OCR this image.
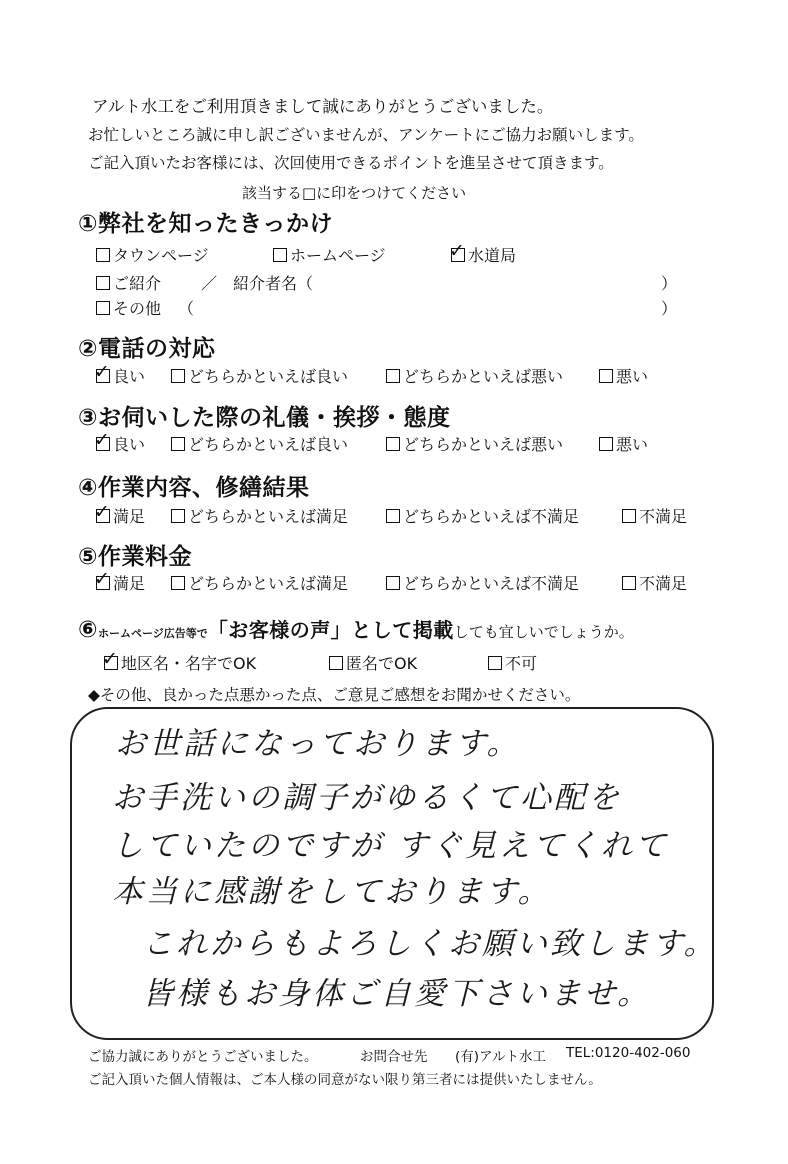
アルト水工をご利用頂きまして誠にありがとうございました。
お忙しいところ誠に申し訳ございませんが、アンケートにご協力お願いします。
ご記入頂いたお客様には、次回使用できるポイントを進呈させて頂きます。
該当する□に印をつけてください
①弊社を知ったきっかけ
タウンページ	ホームページ
✓	水道局
ご紹介 ／　紹介者名（	）
その他 （	）
②電話の対応
✓良い	どちらかといえば良い	どちらかといえば悪い	悪い
③お伺いした際の礼儀・挨拶・態度
✓良い	どちらかといえば良い	どちらかといえば悪い	悪い
④作業内容、修繕結果
✓満足	どちらかといえば満足	どちらかといえば不満足	不満足
⑤作業料金
✓満足	どちらかといえば満足	どちらかといえば不満足	不満足
⑥ホームページ広告等で「お客様の声」として掲載しても宜しいでしょうか。
✓地区名・名字でOK	匿名でOK	不可
◆その他、良かった点悪かった点、ご意見ご感想をお聞かせください。
お世話になっております。
お手洗いの調子がゆるくて心配を
していたのですが すぐ見えてくれて
本当に感謝をしております。
これからもよろしくお願い致します。
皆様もお身体ご自愛下さいませ。
ご協力誠にありがとうございました。	お問合せ先 (有)アルト水工 TEL:0120-402-060
ご記入頂いた個人情報は、ご本人様の同意がない限り第三者には提供いたしません。
